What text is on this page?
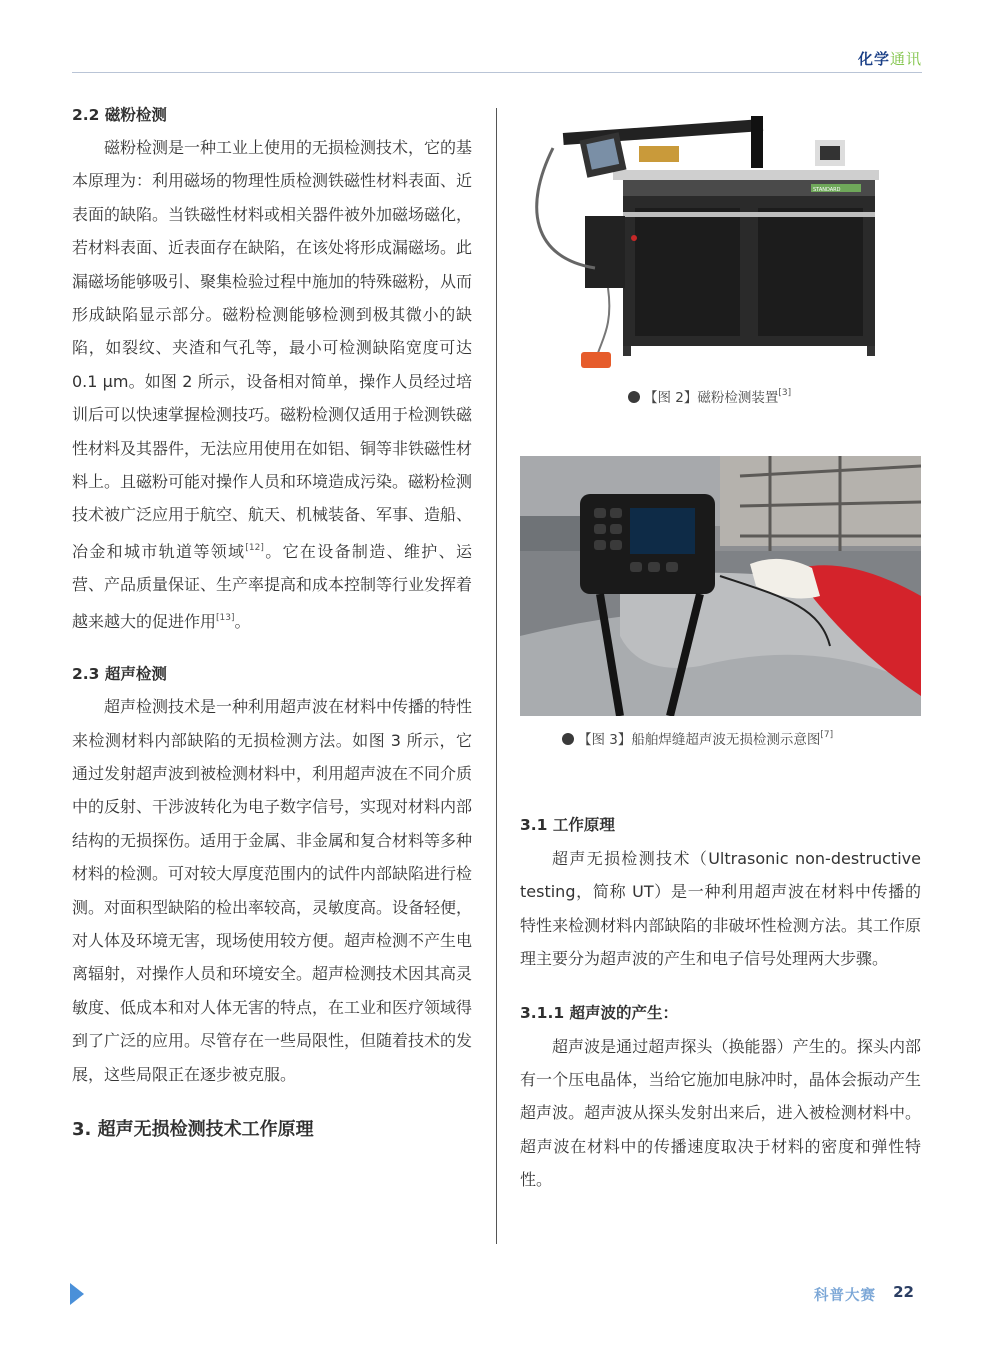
化学通讯
2.2 磁粉检测

磁粉检测是一种工业上使用的无损检测技术，它的基本原理为：利用磁场的物理性质检测铁磁性材料表面、近表面的缺陷。当铁磁性材料或相关器件被外加磁场磁化，若材料表面、近表面存在缺陷，在该处将形成漏磁场。此漏磁场能够吸引、聚集检验过程中施加的特殊磁粉，从而形成缺陷显示部分。磁粉检测能够检测到极其微小的缺陷，如裂纹、夹渣和气孔等，最小可检测缺陷宽度可达 0.1 μm。如图 2 所示，设备相对简单，操作人员经过培训后可以快速掌握检测技巧。磁粉检测仅适用于检测铁磁性材料及其器件，无法应用使用在如铝、铜等非铁磁性材料上。且磁粉可能对操作人员和环境造成污染。磁粉检测技术被广泛应用于航空、航天、机械装备、军事、造船、冶金和城市轨道等领域[12]。它在设备制造、维护、运营、产品质量保证、生产率提高和成本控制等行业发挥着越来越大的促进作用[13]。

2.3 超声检测

超声检测技术是一种利用超声波在材料中传播的特性来检测材料内部缺陷的无损检测方法。如图 3 所示，它通过发射超声波到被检测材料中，利用超声波在不同介质中的反射、干涉波转化为电子数字信号，实现对材料内部结构的无损探伤。适用于金属、非金属和复合材料等多种材料的检测。可对较大厚度范围内的试件内部缺陷进行检测。对面积型缺陷的检出率较高，灵敏度高。设备轻便，对人体及环境无害，现场使用较方便。超声检测不产生电离辐射，对操作人员和环境安全。超声检测技术因其高灵敏度、低成本和对人体无害的特点，在工业和医疗领域得到了广泛的应用。尽管存在一些局限性，但随着技术的发展，这些局限正在逐步被克服。

3. 超声无损检测技术工作原理
STANDARD
【图 2】磁粉检测装置[3]
【图 3】船舶焊缝超声波无损检测示意图[7]
3.1 工作原理

超声无损检测技术（Ultrasonic non-destructive testing，简称 UT）是一种利用超声波在材料中传播的特性来检测材料内部缺陷的非破坏性检测方法。其工作原理主要分为超声波的产生和电子信号处理两大步骤。

3.1.1 超声波的产生：

超声波是通过超声探头（换能器）产生的。探头内部有一个压电晶体，当给它施加电脉冲时，晶体会振动产生超声波。超声波从探头发射出来后，进入被检测材料中。超声波在材料中的传播速度取决于材料的密度和弹性特性。

科普大赛 22
